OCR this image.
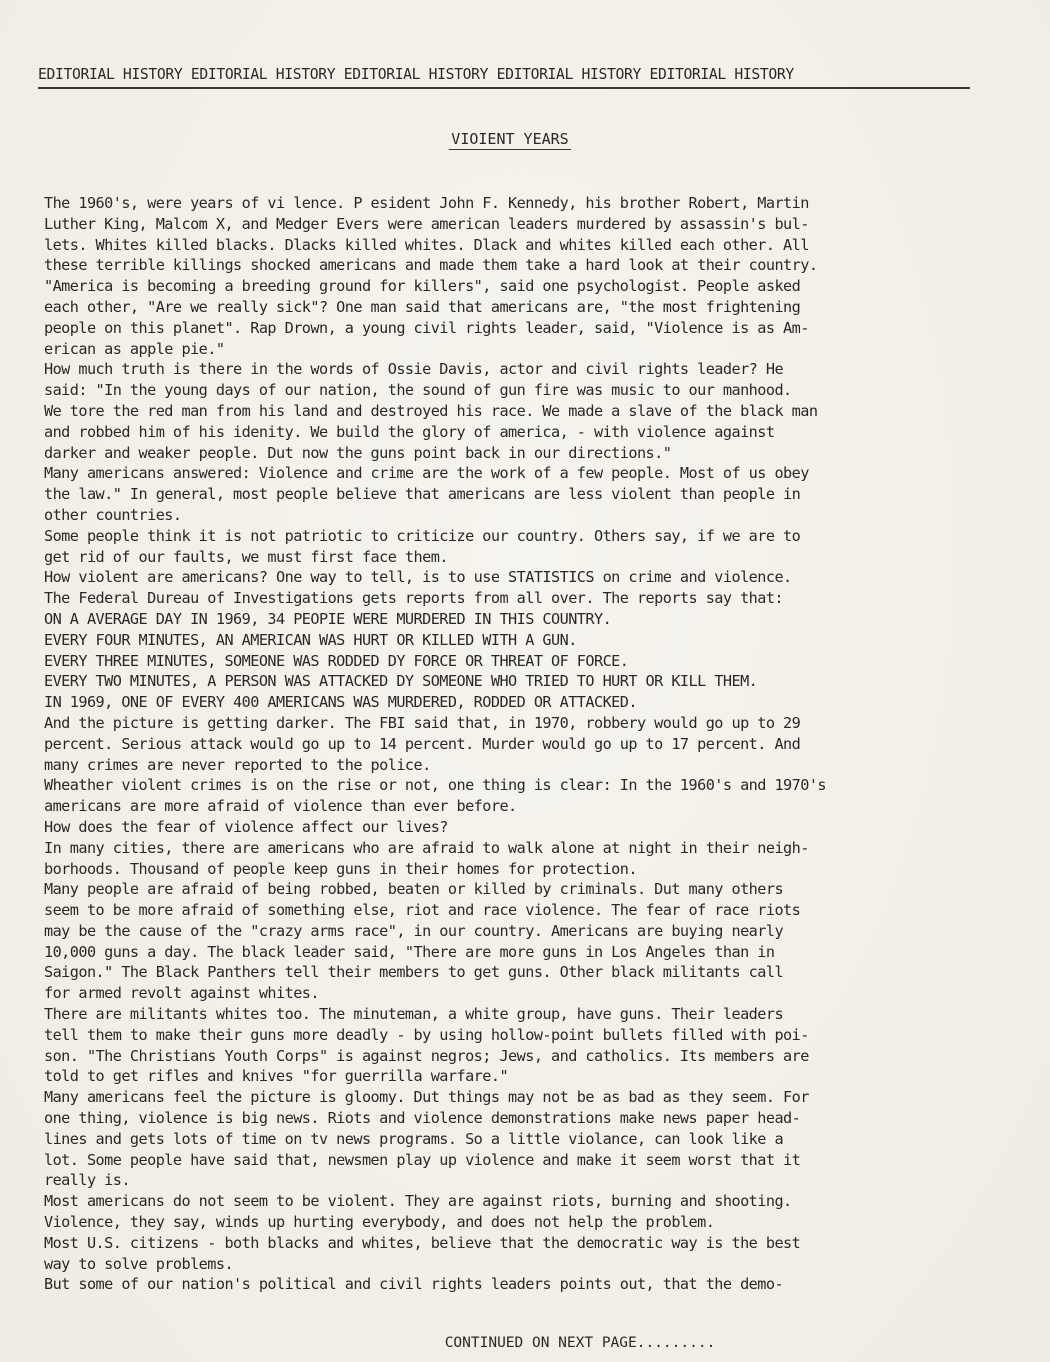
EDITORIAL HISTORY EDITORIAL HISTORY EDITORIAL HISTORY EDITORIAL HISTORY EDITORIAL HISTORY
VIOIENT YEARS
The 1960's, were years of vi lence. P esident John F. Kennedy, his brother Robert, Martin
Luther King, Malcom X, and Medger Evers were american leaders murdered by assassin's bul-
lets. Whites killed blacks. Dlacks killed whites. Dlack and whites killed each other. All
these terrible killings shocked americans and made them take a hard look at their country.
"America is becoming a breeding ground for killers", said one psychologist. People asked
each other, "Are we really sick"? One man said that americans are, "the most frightening
people on this planet". Rap Drown, a young civil rights leader, said, "Violence is as Am-
erican as apple pie."
How much truth is there in the words of Ossie Davis, actor and civil rights leader? He
said: "In the young days of our nation, the sound of gun fire was music to our manhood.
We tore the red man from his land and destroyed his race. We made a slave of the black man
and robbed him of his idenity. We build the glory of america, - with violence against
darker and weaker people. Dut now the guns point back in our directions."
Many americans answered: Violence and crime are the work of a few people. Most of us obey
the law." In general, most people believe that americans are less violent than people in
other countries.
Some people think it is not patriotic to criticize our country. Others say, if we are to
get rid of our faults, we must first face them.
How violent are americans? One way to tell, is to use STATISTICS on crime and violence.
The Federal Dureau of Investigations gets reports from all over. The reports say that:
ON A AVERAGE DAY IN 1969, 34 PEOPIE WERE MURDERED IN THIS COUNTRY.
EVERY FOUR MINUTES, AN AMERICAN WAS HURT OR KILLED WITH A GUN.
EVERY THREE MINUTES, SOMEONE WAS RODDED DY FORCE OR THREAT OF FORCE.
EVERY TWO MINUTES, A PERSON WAS ATTACKED DY SOMEONE WHO TRIED TO HURT OR KILL THEM.
IN 1969, ONE OF EVERY 400 AMERICANS WAS MURDERED, RODDED OR ATTACKED.
And the picture is getting darker. The FBI said that, in 1970, robbery would go up to 29
percent. Serious attack would go up to 14 percent. Murder would go up to 17 percent. And
many crimes are never reported to the police.
Wheather violent crimes is on the rise or not, one thing is clear: In the 1960's and 1970's
americans are more afraid of violence than ever before.
How does the fear of violence affect our lives?
In many cities, there are americans who are afraid to walk alone at night in their neigh-
borhoods. Thousand of people keep guns in their homes for protection.
Many people are afraid of being robbed, beaten or killed by criminals. Dut many others
seem to be more afraid of something else, riot and race violence. The fear of race riots
may be the cause of the "crazy arms race", in our country. Americans are buying nearly
10,000 guns a day. The black leader said, "There are more guns in Los Angeles than in
Saigon." The Black Panthers tell their members to get guns. Other black militants call
for armed revolt against whites.
There are militants whites too. The minuteman, a white group, have guns. Their leaders
tell them to make their guns more deadly - by using hollow-point bullets filled with poi-
son. "The Christians Youth Corps" is against negros; Jews, and catholics. Its members are
told to get rifles and knives "for guerrilla warfare."
Many americans feel the picture is gloomy. Dut things may not be as bad as they seem. For
one thing, violence is big news. Riots and violence demonstrations make news paper head-
lines and gets lots of time on tv news programs. So a little violance, can look like a
lot. Some people have said that, newsmen play up violence and make it seem worst that it
really is.
Most americans do not seem to be violent. They are against riots, burning and shooting.
Violence, they say, winds up hurting everybody, and does not help the problem.
Most U.S. citizens - both blacks and whites, believe that the democratic way is the best
way to solve problems.
But some of our nation's political and civil rights leaders points out, that the demo-
CONTINUED ON NEXT PAGE.........
